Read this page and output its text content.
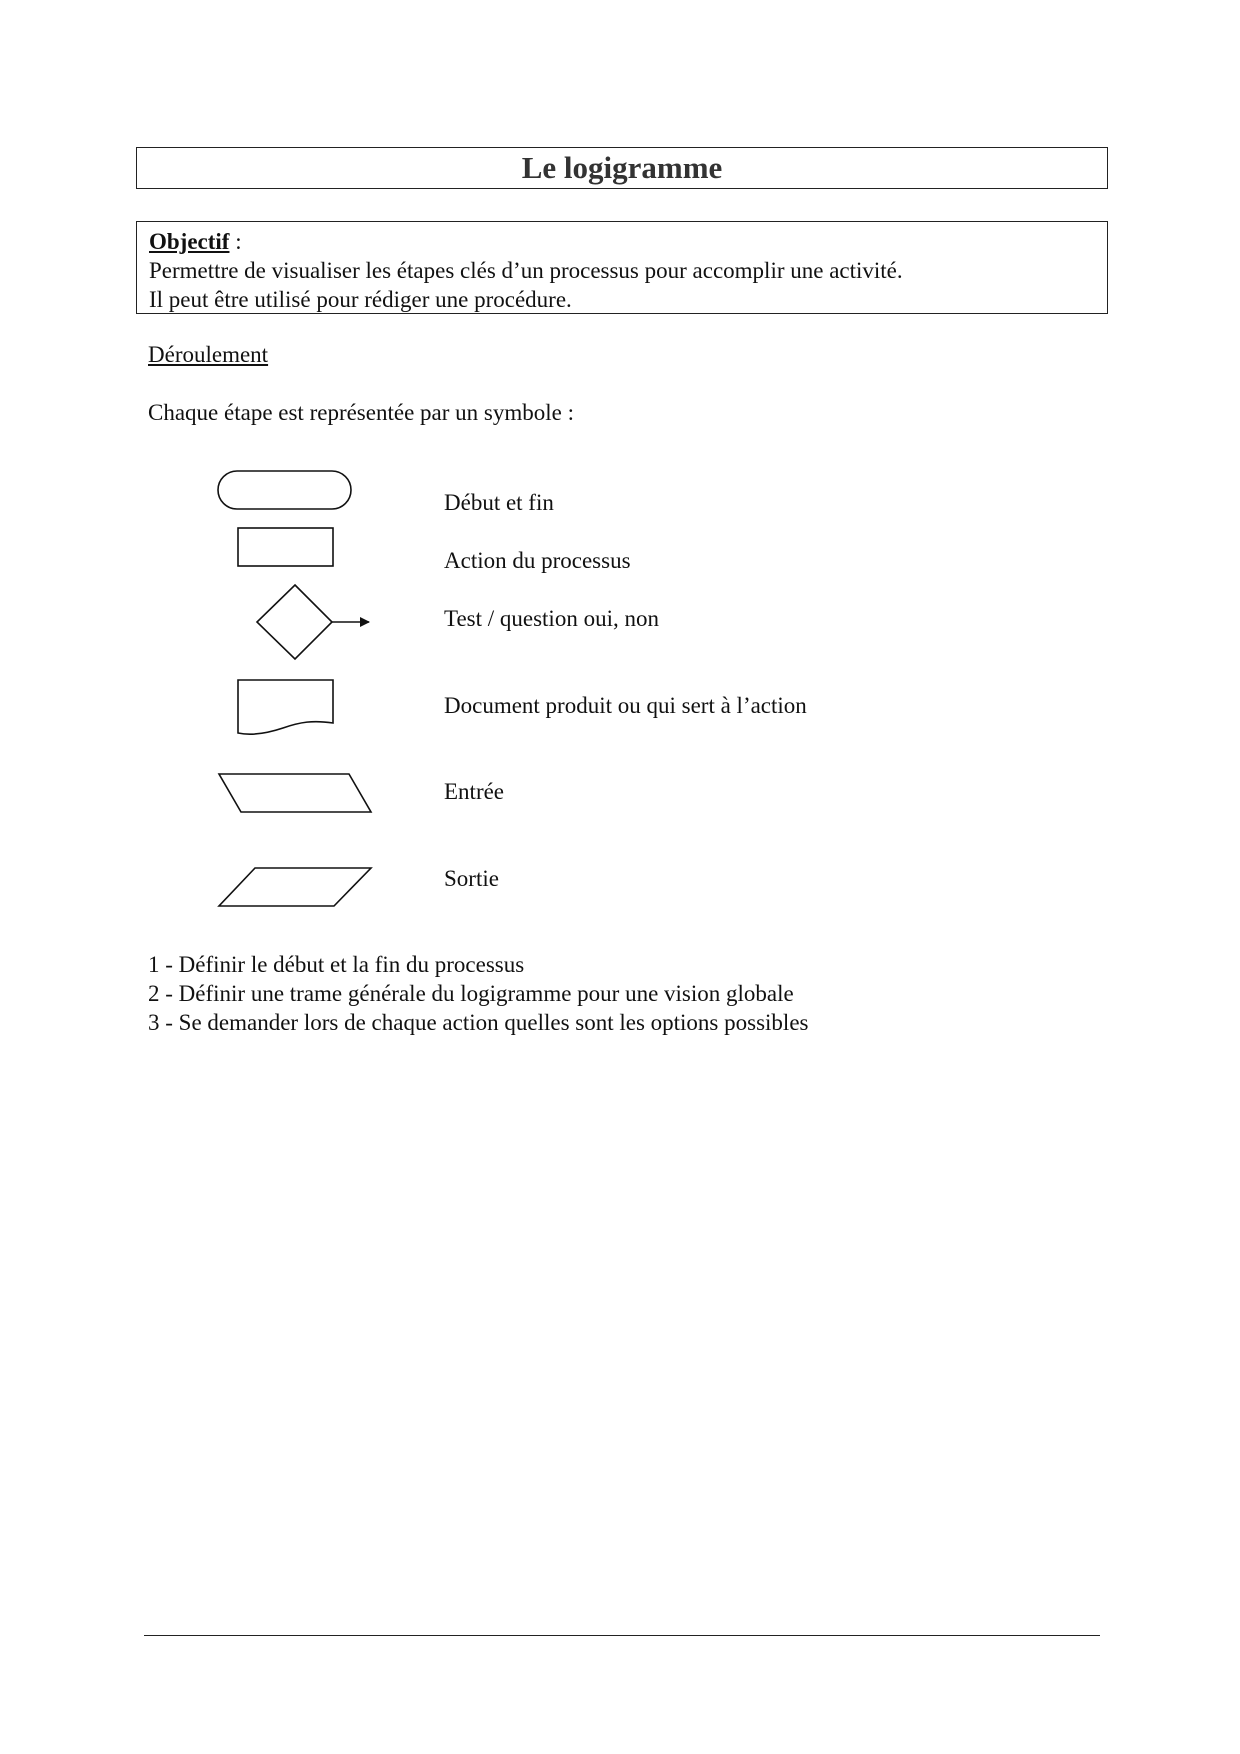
Le logigramme
Objectif :
Permettre de visualiser les étapes clés d’un processus pour accomplir une activité.
Il peut être utilisé pour rédiger une procédure.
Déroulement
Chaque étape est représentée par un symbole :
Début et fin
Action du processus
Test / question oui, non
Document produit ou qui sert à l’action
Entrée
Sortie
1 - Définir le début et la fin du processus
2 - Définir une trame générale du logigramme pour une vision globale
3 - Se demander lors de chaque action quelles sont les options possibles
